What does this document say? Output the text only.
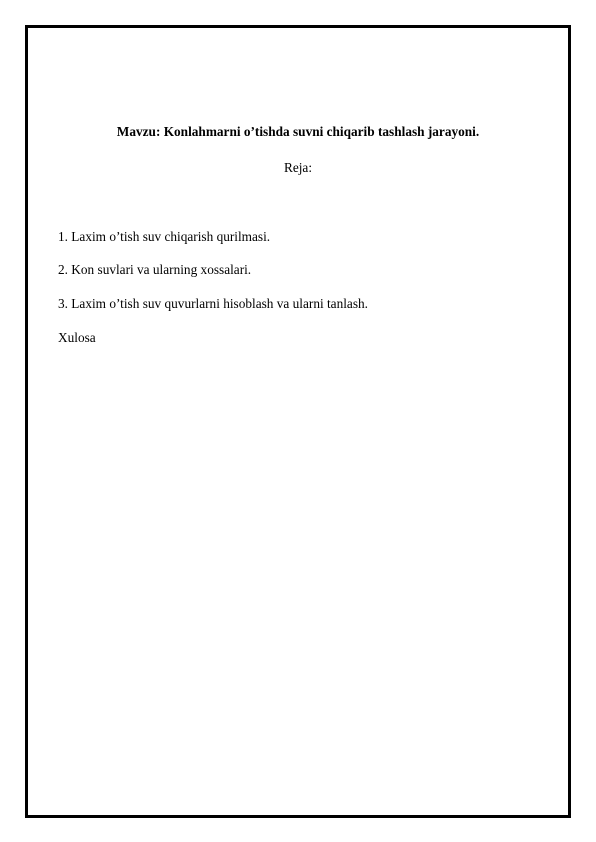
Mavzu: Konlahmarni o’tishda suvni chiqarib tashlash jarayoni.
Reja:
1. Laxim o’tish suv chiqarish qurilmasi.
2. Kon suvlari va ularning xossalari.
3. Laxim o’tish suv quvurlarni hisoblash va ularni tanlash.
Xulosa
